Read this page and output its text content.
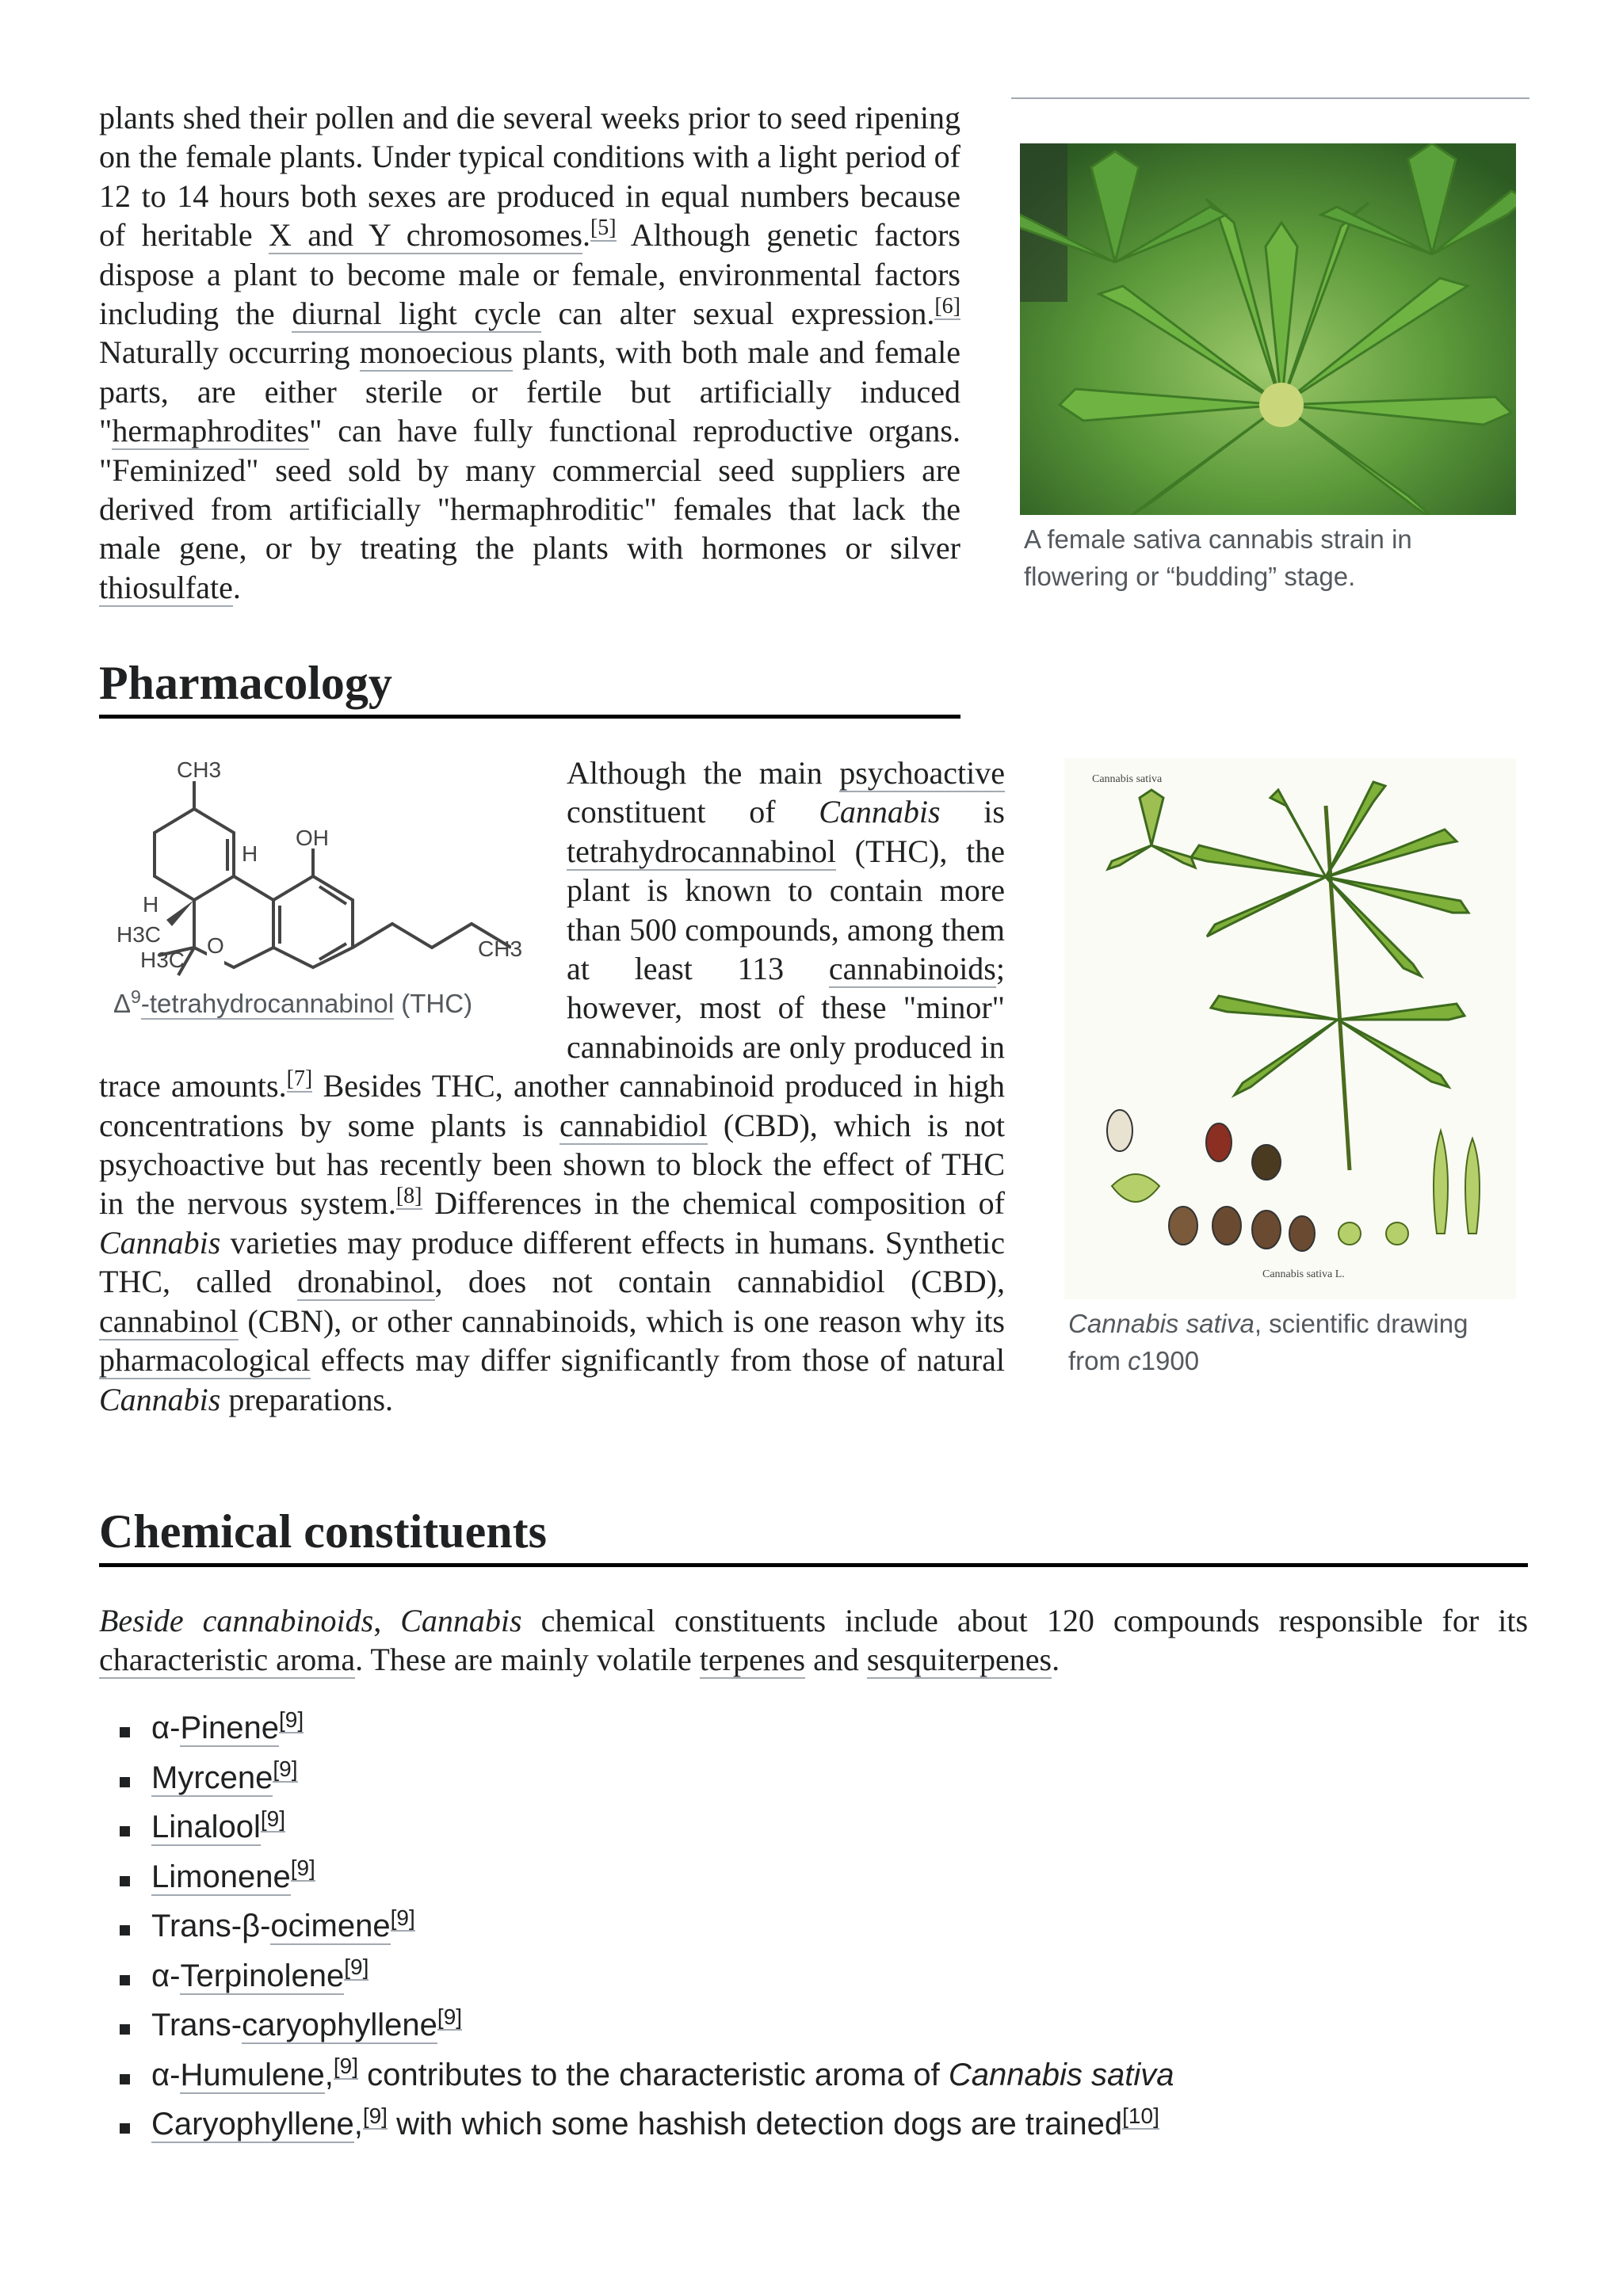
plants shed their pollen and die several weeks prior to seed ripening on the female plants. Under typical conditions with a light period of 12 to 14 hours both sexes are produced in equal numbers because of heritable X and Y chromosomes.[5] Although genetic factors dispose a plant to become male or female, environmental factors including the diurnal light cycle can alter sexual expression.[6] Naturally occurring monoecious plants, with both male and female parts, are either sterile or fertile but artificially induced "hermaphrodites" can have fully functional reproductive organs. "Feminized" seed sold by many commercial seed suppliers are derived from artificially "hermaphroditic" females that lack the male gene, or by treating the plants with hormones or silver thiosulfate.

A female sativa cannabis strain in flowering or “budding” stage.
Pharmacology
CH3
OH
H
H
H3C
H3C
O	CH3
$\Delta^9$-tetrahydrocannabinol (THC)
Although the main psychoactive constituent of Cannabis is tetrahydrocannabinol (THC), the plant is known to contain more than 500 compounds, among them at least 113 cannabinoids; however, most of these "minor" cannabinoids are only produced in trace amounts.[7] Besides THC, another cannabinoid produced in high concentrations by some plants is cannabidiol (CBD), which is not psychoactive but has recently been shown to block the effect of THC in the nervous system.[8] Differences in the chemical composition of Cannabis varieties may produce different effects in humans. Synthetic THC, called dronabinol, does not contain cannabidiol (CBD), cannabinol (CBN), or other cannabinoids, which is one reason why its pharmacological effects may differ significantly from those of natural Cannabis preparations.
Cannabis sativa
Cannabis sativa L.
Cannabis sativa, scientific drawing from c1900
Chemical constituents

Beside cannabinoids, Cannabis chemical constituents include about 120 compounds responsible for its characteristic aroma. These are mainly volatile terpenes and sesquiterpenes.

α-Pinene[9]
Myrcene[9]
Linalool[9]
Limonene[9]
Trans-β-ocimene[9]
α-Terpinolene[9]
Trans-caryophyllene[9]
α-Humulene,[9] contributes to the characteristic aroma of Cannabis sativa
Caryophyllene,[9] with which some hashish detection dogs are trained[10]
